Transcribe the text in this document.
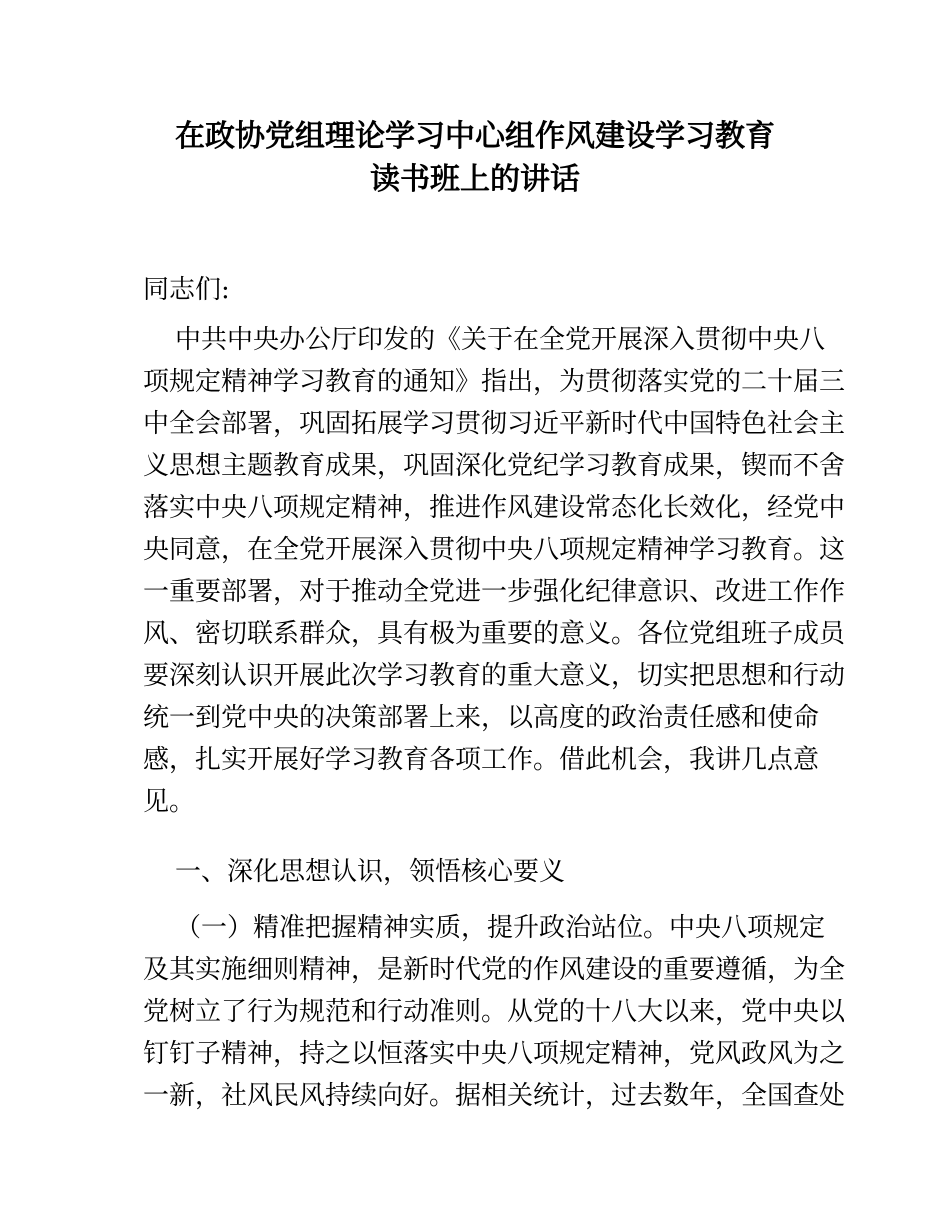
在政协党组理论学习中心组作风建设学习教育
读书班上的讲话
同志们:
中共中央办公厅印发的《关于在全党开展深入贯彻中央八
项规定精神学习教育的通知》指出，为贯彻落实党的二十届三
中全会部署，巩固拓展学习贯彻习近平新时代中国特色社会主
义思想主题教育成果，巩固深化党纪学习教育成果，锲而不舍
落实中央八项规定精神，推进作风建设常态化长效化，经党中
央同意，在全党开展深入贯彻中央八项规定精神学习教育。这
一重要部署，对于推动全党进一步强化纪律意识、改进工作作
风、密切联系群众，具有极为重要的意义。各位党组班子成员
要深刻认识开展此次学习教育的重大意义，切实把思想和行动
统一到党中央的决策部署上来，以高度的政治责任感和使命
感，扎实开展好学习教育各项工作。借此机会，我讲几点意
见。
一、深化思想认识，领悟核心要义
（一）精准把握精神实质，提升政治站位。中央八项规定
及其实施细则精神，是新时代党的作风建设的重要遵循，为全
党树立了行为规范和行动准则。从党的十八大以来，党中央以
钉钉子精神，持之以恒落实中央八项规定精神，党风政风为之
一新，社风民风持续向好。据相关统计，过去数年，全国查处
